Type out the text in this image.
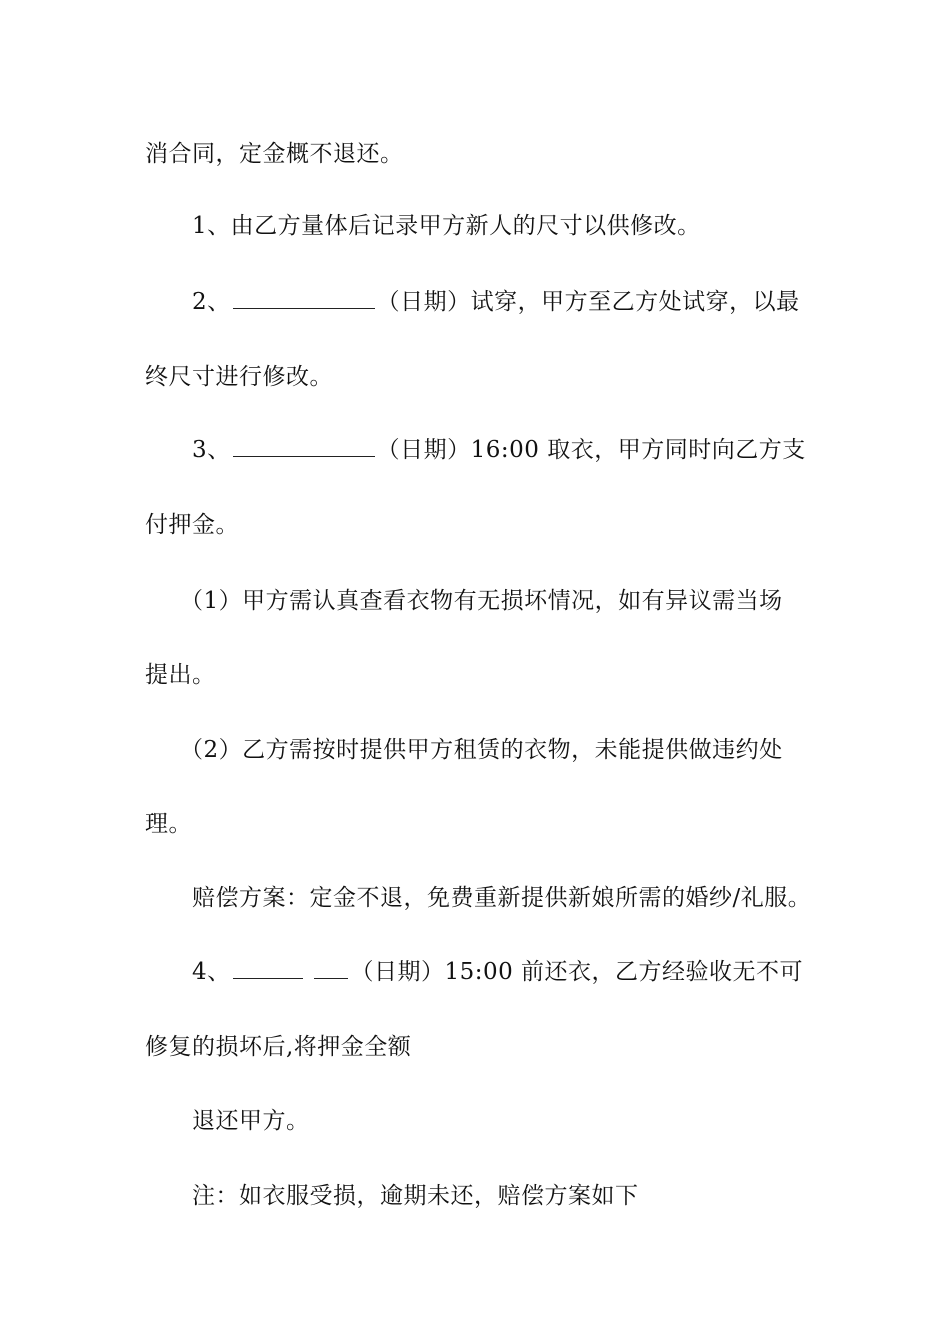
消合同，定金概不退还。
1、由乙方量体后记录甲方新人的尺寸以供修改。
2、	（日期）试穿，甲方至乙方处试穿，以最
终尺寸进行修改。
3、	（日期）16:00 取衣，甲方同时向乙方支
付押金。
（1）甲方需认真查看衣物有无损坏情况，如有异议需当场
提出。
（2）乙方需按时提供甲方租赁的衣物，未能提供做违约处
理。
赔偿方案：定金不退，免费重新提供新娘所需的婚纱/礼服。
4、	（日期）15:00 前还衣，乙方经验收无不可
修复的损坏后,将押金全额
退还甲方。
注：如衣服受损，逾期未还，赔偿方案如下
